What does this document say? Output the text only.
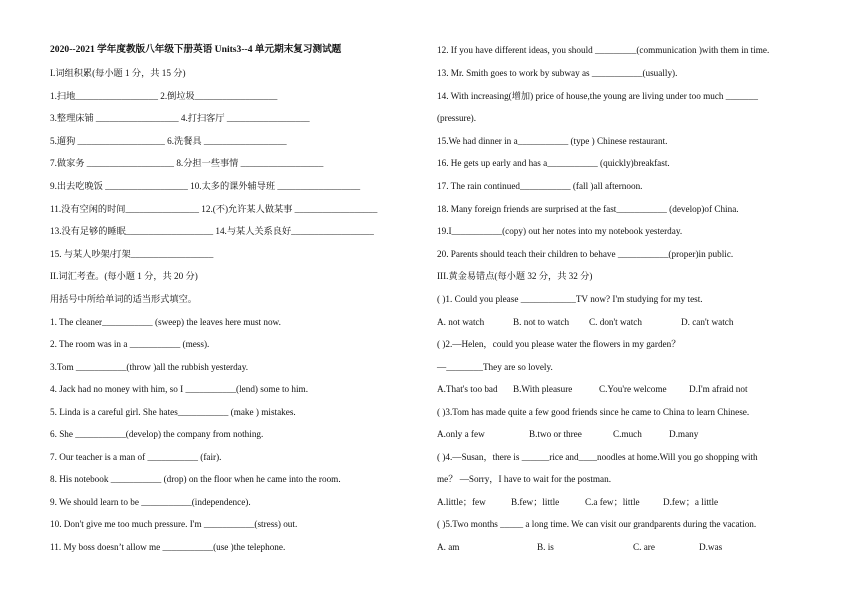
2020--2021 学年度教版八年级下册英语 Units3--4 单元期末复习测试题
I.词组积累(每小题 1 分，共 15 分)
1.扫地__________________ 2.倒垃圾__________________
3.整理床铺 __________________ 4.打扫客厅 __________________
5.遛狗 ___________________ 6.洗餐具 __________________
7.做家务 ___________________ 8.分担一些事情 __________________
9.出去吃晚饭 __________________ 10.太多的课外辅导班 __________________
11.没有空闲的时间________________ 12.(不)允许某人做某事 __________________
13.没有足够的睡眠___________________ 14.与某人关系良好__________________
15. 与某人吵架/打架__________________
II.词汇考查。(每小题 1 分，共 20 分)
用括号中所给单词的适当形式填空。
1. The cleaner___________ (sweep) the leaves here must now.
2. The room was in a ___________ (mess).
3.Tom ___________(throw )all the rubbish yesterday.
4. Jack had no money with him, so I ___________(lend) some to him.
5. Linda is a careful girl. She hates___________ (make ) mistakes.
6. She ___________(develop) the company from nothing.
7. Our teacher is a man of ___________ (fair).
8. His notebook ___________ (drop) on the floor when he came into the room.
9. We should learn to be ___________(independence).
10. Don't give me too much pressure. I'm ___________(stress) out.
11. My boss doesn’t allow me ___________(use )the telephone.
12. If you have different ideas, you should _________(communication )with them in time.
13. Mr. Smith goes to work by subway as ___________(usually).
14. With increasing(增加) price of house,the young are living under too much _______
(pressure).
15.We had dinner in a___________ (type ) Chinese restaurant.
16. He gets up early and has a___________ (quickly)breakfast.
17. The rain continued___________ (fall )all afternoon.
18. Many foreign friends are surprised at the fast___________ (develop)of China.
19.I___________(copy) out her notes into my notebook yesterday.
20. Parents should teach their children to behave ___________(proper)in public.
III.黄金易错点(每小题 32 分，共 32 分)
( )1. Could you please ____________TV now? I'm studying for my test.
A. not watch	B. not to watch C. don't watch	D. can't watch
( )2.—Helen，could you please water the flowers in my garden？
—________They are so lovely.
A.That's too bad B.With pleasure	C.You're welcome D.I'm afraid not
( )3.Tom has made quite a few good friends since he came to China to learn Chinese.
A.only a few	B.two or three	C.much	D.many
( )4.—Susan，there is ______rice and____noodles at home.Will you go shopping with
me？ —Sorry，I have to wait for the postman.
A.little；few	B.few；little	C.a few；little	D.few；a little
( )5.Two months _____ a long time. We can visit our grandparents during the vacation.
A. am	B. is	C. are	D.was
